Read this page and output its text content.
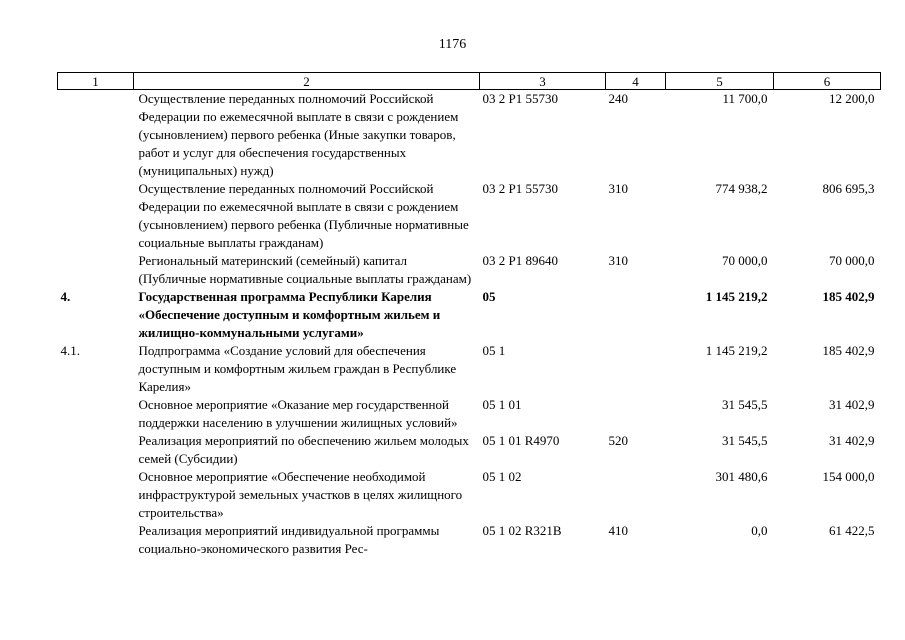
1176
1	2	3	4	5	6
	Осуществление переданных полномочий Российской Федерации по ежемесячной выплате в связи с рождением (усыновлением) первого ребенка (Иные закупки товаров, работ и услуг для обеспечения государственных (муниципальных) нужд)	03 2 P1 55730	240	11 700,0	12 200,0
	Осуществление переданных полномочий Российской Федерации по ежемесячной выплате в связи с рождением (усыновлением) первого ребенка (Публичные нормативные социальные выплаты гражданам)	03 2 P1 55730	310	774 938,2	806 695,3
	Региональный материнский (семейный) капитал (Публичные нормативные социальные выплаты гражданам)	03 2 P1 89640	310	70 000,0	70 000,0
4.	Государственная программа Республики Карелия «Обеспечение доступным и комфортным жильем и жилищно-коммунальными услугами»	05		1 145 219,2	185 402,9
4.1.	Подпрограмма «Создание условий для обеспечения доступным и комфортным жильем граждан в Республике Карелия»	05 1		1 145 219,2	185 402,9
	Основное мероприятие «Оказание мер государственной поддержки населению в улучшении жилищных условий»	05 1 01		31 545,5	31 402,9
	Реализация мероприятий по обеспечению жильем молодых семей (Субсидии)	05 1 01 R4970	520	31 545,5	31 402,9
	Основное мероприятие «Обеспечение необходимой инфраструктурой земельных участков в целях жилищного строительства»	05 1 02		301 480,6	154 000,0
	Реализация мероприятий индивидуальной программы социально-экономического развития Рес-	05 1 02 R321B	410	0,0	61 422,5
